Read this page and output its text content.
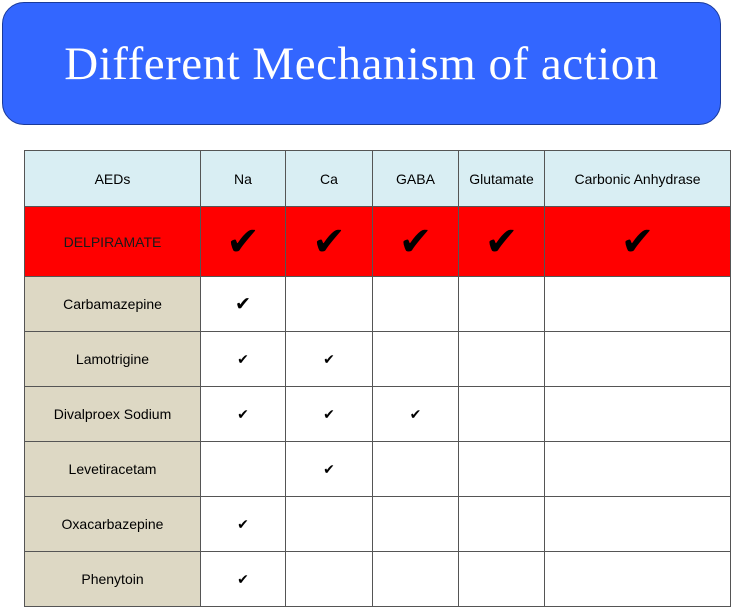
Different Mechanism of action
AEDs	Na	Ca	GABA	Glutamate	Carbonic Anhydrase
DELPIRAMATE	✔	✔	✔	✔	✔
Carbamazepine	✔				
Lamotrigine	✔	✔			
Divalproex Sodium	✔	✔	✔		
Levetiracetam		✔			
Oxacarbazepine	✔				
Phenytoin	✔				
